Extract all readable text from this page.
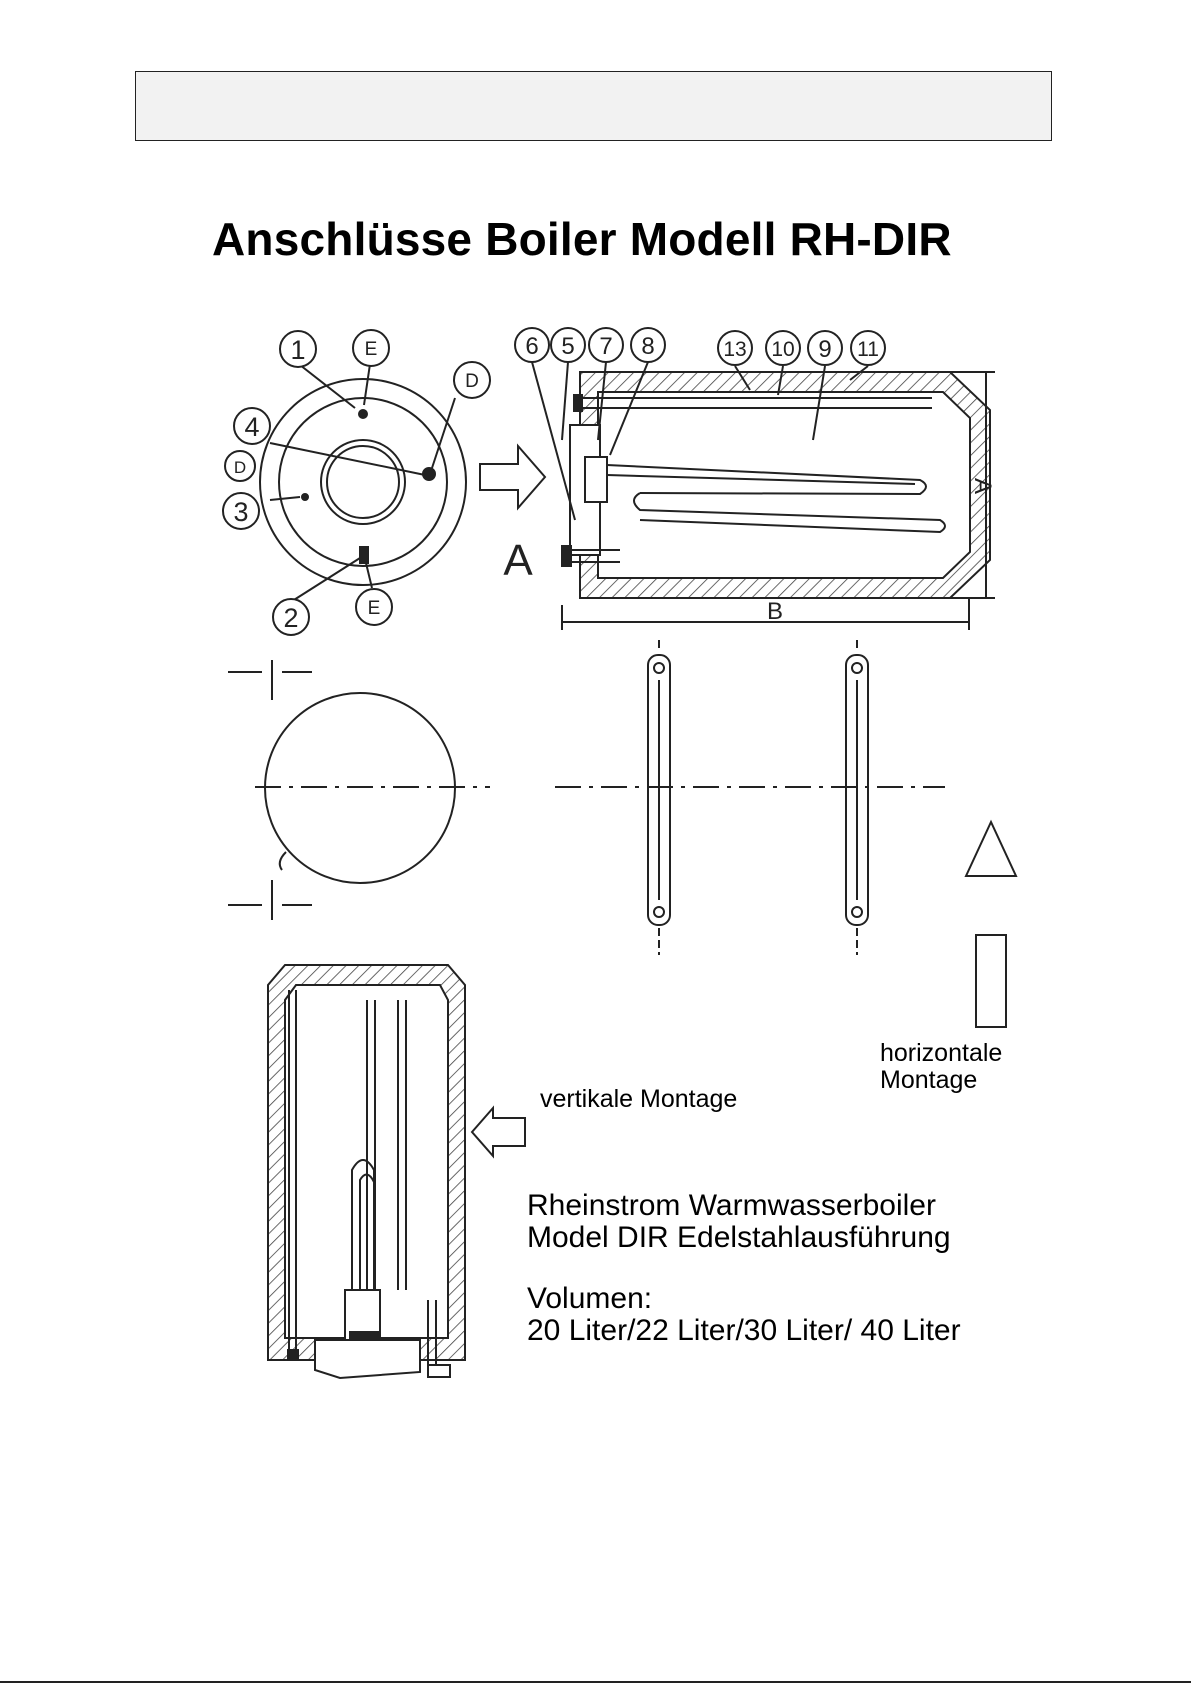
Anschlüsse Boiler Modell RH-DIR
1	E
D
4
D
3
2	E
A
6 5 7 8	13 10 9 11
B
A
horizontale
Montage
vertikale Montage
Rheinstrom Warmwasserboiler
Model DIR Edelstahlausführung
Volumen:
20 Liter/22 Liter/30 Liter/ 40 Liter
